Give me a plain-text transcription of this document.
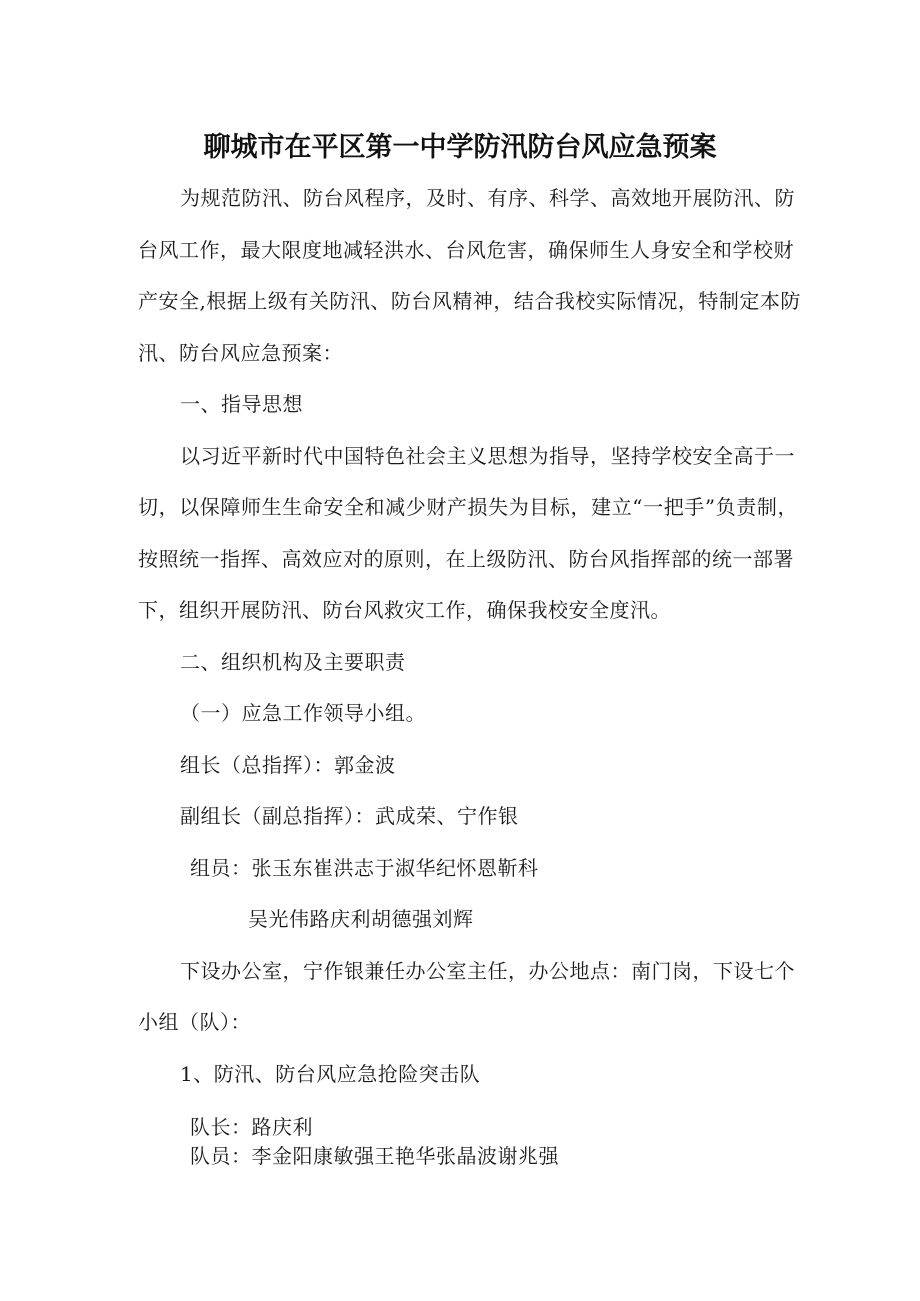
聊城市在平区第一中学防汛防台风应急预案
为规范防汛、防台风程序，及时、有序、科学、高效地开展防汛、防
台风工作，最大限度地减轻洪水、台风危害，确保师生人身安全和学校财
产安全,根据上级有关防汛、防台风精神，结合我校实际情况，特制定本防
汛、防台风应急预案：
一、指导思想
以习近平新时代中国特色社会主义思想为指导，坚持学校安全高于一
切，以保障师生生命安全和减少财产损失为目标，建立“一把手”负责制，
按照统一指挥、高效应对的原则，在上级防汛、防台风指挥部的统一部署
下，组织开展防汛、防台风救灾工作，确保我校安全度汛。
二、组织机构及主要职责
（一）应急工作领导小组。
组长（总指挥）：郭金波
副组长（副总指挥）：武成荣、宁作银
组员：张玉东崔洪志于淑华纪怀恩靳科
吴光伟路庆利胡德强刘辉
下设办公室，宁作银兼任办公室主任，办公地点：南门岗，下设七个
小组（队）：
1、防汛、防台风应急抢险突击队
队长：路庆利
队员：李金阳康敏强王艳华张晶波谢兆强
